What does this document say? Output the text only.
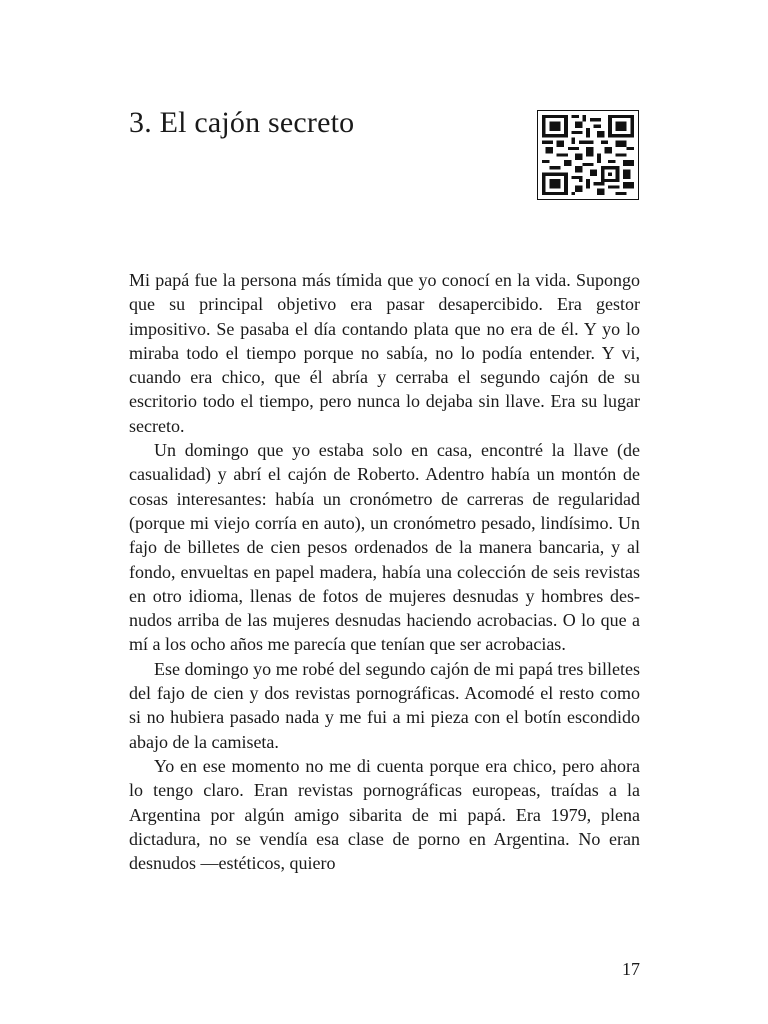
3. El cajón secreto

Mi papá fue la persona más tímida que yo conocí en la vida. Supongo que su principal objetivo era pasar desapercibido. Era gestor impositivo. Se pasaba el día contando plata que no era de él. Y yo lo miraba todo el tiempo porque no sabía, no lo podía entender. Y vi, cuando era chico, que él abría y cerraba el segundo cajón de su escritorio todo el tiempo, pero nunca lo dejaba sin llave. Era su lugar secreto.

Un domingo que yo estaba solo en casa, encontré la llave (de casualidad) y abrí el cajón de Roberto. Adentro había un montón de cosas interesantes: había un cronómetro de carreras de regularidad (porque mi viejo corría en auto), un cronómetro pesado, lindísimo. Un fajo de billetes de cien pesos ordenados de la manera bancaria, y al fondo, envueltas en papel madera, había una colección de seis revistas en otro idioma, llenas de fotos de mujeres desnudas y hombres desnudos arriba de las mujeres desnudas haciendo acrobacias. O lo que a mí a los ocho años me parecía que tenían que ser acrobacias.

Ese domingo yo me robé del segundo cajón de mi papá tres billetes del fajo de cien y dos revistas pornográficas. Acomodé el resto como si no hubiera pasado nada y me fui a mi pieza con el botín escondido abajo de la camiseta.

Yo en ese momento no me di cuenta porque era chico, pero ahora lo tengo claro. Eran revistas pornográficas europeas, traídas a la Argentina por algún amigo sibarita de mi papá. Era 1979, plena dictadura, no se vendía esa clase de porno en Argentina. No eran desnudos —estéticos, quiero

17
